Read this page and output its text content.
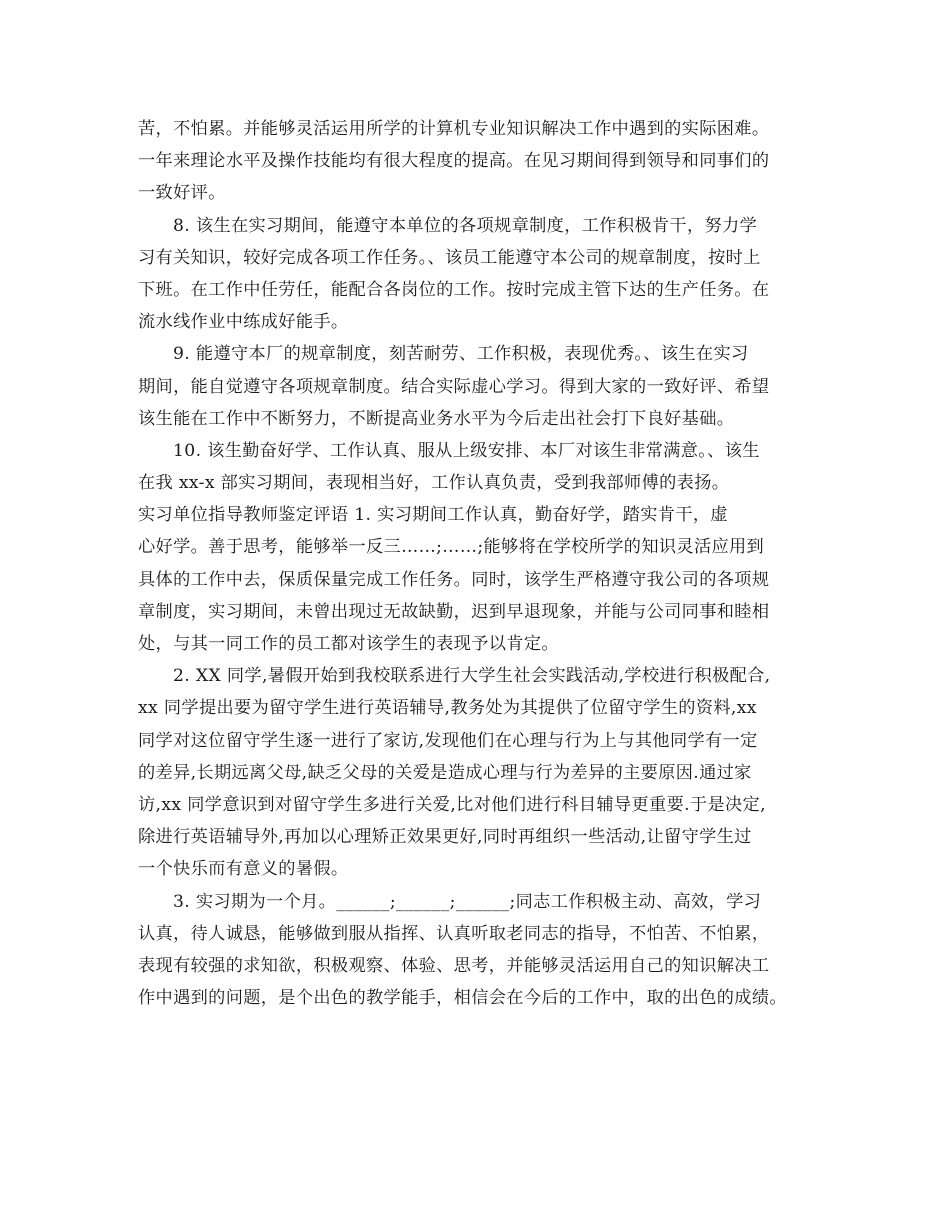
苦，不怕累。并能够灵活运用所学的计算机专业知识解决工作中遇到的实际困难。
一年来理论水平及操作技能均有很大程度的提高。在见习期间得到领导和同事们的
一致好评。
8. 该生在实习期间，能遵守本单位的各项规章制度，工作积极肯干，努力学
习有关知识，较好完成各项工作任务。、该员工能遵守本公司的规章制度，按时上
下班。在工作中任劳任，能配合各岗位的工作。按时完成主管下达的生产任务。在
流水线作业中练成好能手。
9. 能遵守本厂的规章制度，刻苦耐劳、工作积极，表现优秀。、该生在实习
期间，能自觉遵守各项规章制度。结合实际虚心学习。得到大家的一致好评、希望
该生能在工作中不断努力，不断提高业务水平为今后走出社会打下良好基础。
10. 该生勤奋好学、工作认真、服从上级安排、本厂对该生非常满意。、该生
在我 xx-x 部实习期间，表现相当好，工作认真负责，受到我部师傅的表扬。
实习单位指导教师鉴定评语 1. 实习期间工作认真，勤奋好学，踏实肯干，虚
心好学。善于思考，能够举一反三……;……;能够将在学校所学的知识灵活应用到
具体的工作中去，保质保量完成工作任务。同时，该学生严格遵守我公司的各项规
章制度，实习期间，未曾出现过无故缺勤，迟到早退现象，并能与公司同事和睦相
处，与其一同工作的员工都对该学生的表现予以肯定。
2. XX 同学,暑假开始到我校联系进行大学生社会实践活动,学校进行积极配合,
xx 同学提出要为留守学生进行英语辅导,教务处为其提供了位留守学生的资料,xx
同学对这位留守学生逐一进行了家访,发现他们在心理与行为上与其他同学有一定
的差异,长期远离父母,缺乏父母的关爱是造成心理与行为差异的主要原因.通过家
访,xx 同学意识到对留守学生多进行关爱,比对他们进行科目辅导更重要.于是决定,
除进行英语辅导外,再加以心理矫正效果更好,同时再组织一些活动,让留守学生过
一个快乐而有意义的暑假。
3. 实习期为一个月。______;______;______;同志工作积极主动、高效，学习
认真，待人诚恳，能够做到服从指挥、认真听取老同志的指导，不怕苦、不怕累，
表现有较强的求知欲，积极观察、体验、思考，并能够灵活运用自己的知识解决工
作中遇到的问题，是个出色的教学能手，相信会在今后的工作中，取的出色的成绩。
